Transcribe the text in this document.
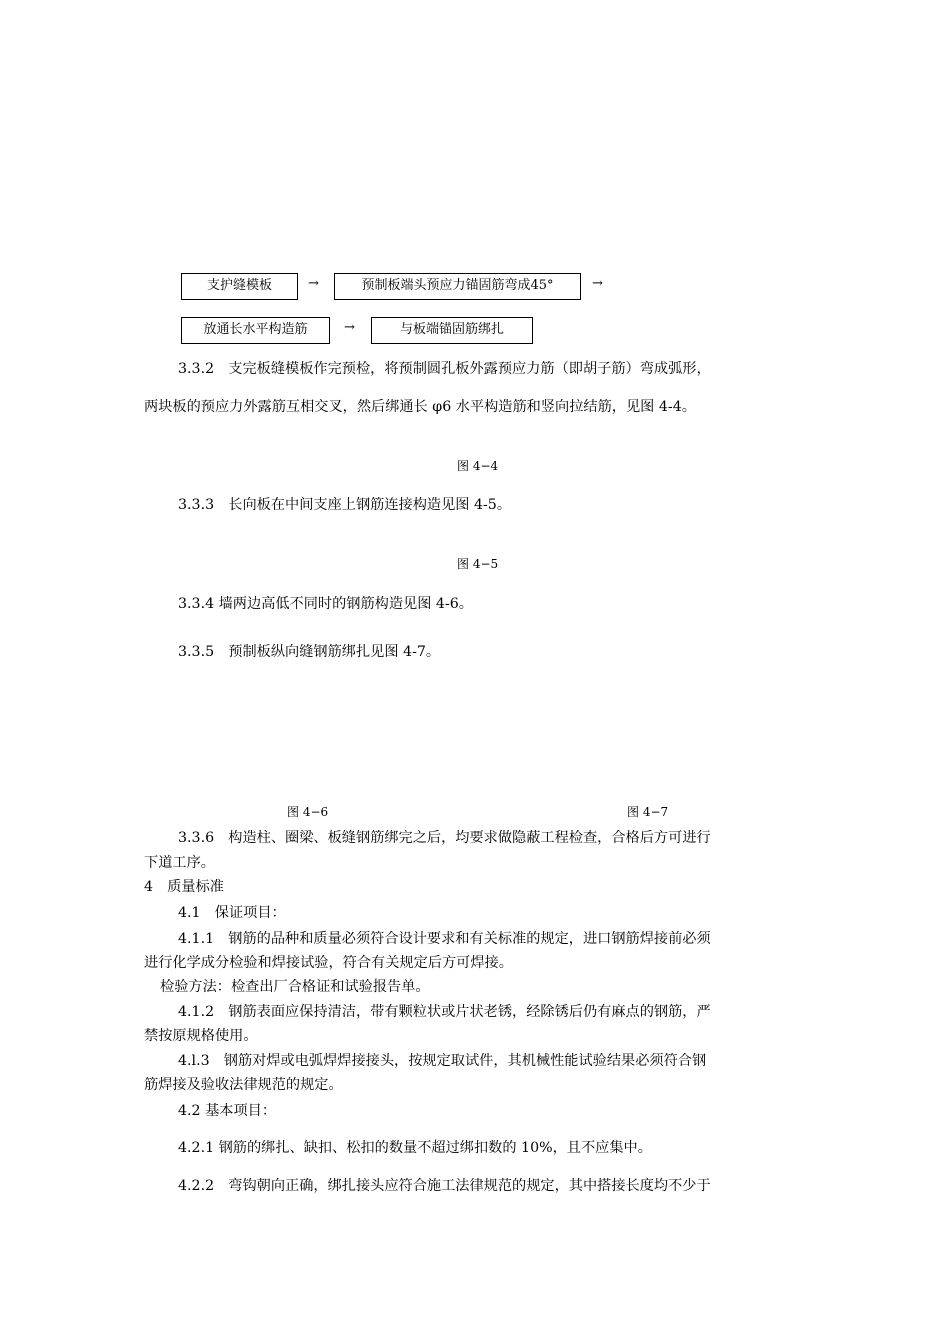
支护缝模板	→	预制板端头预应力锚固筋弯成45°	→
放通长水平构造筋	→	与板端锚固筋绑扎
3.3.2　支完板缝模板作完预检，将预制圆孔板外露预应力筋（即胡子筋）弯成弧形，
两块板的预应力外露筋互相交叉，然后绑通长 φ6 水平构造筋和竖向拉结筋，见图 4-4。
图 4−4
3.3.3　长向板在中间支座上钢筋连接构造见图 4-5。
图 4−5
3.3.4 墙两边高低不同时的钢筋构造见图 4-6。
3.3.5　预制板纵向缝钢筋绑扎见图 4-7。
图 4−6	图 4−7
3.3.6　构造柱、圈梁、板缝钢筋绑完之后，均要求做隐蔽工程检查，合格后方可进行
下道工序。
4　质量标准
4.1　保证项目：
4.1.1　钢筋的品种和质量必须符合设计要求和有关标准的规定，进口钢筋焊接前必须
进行化学成分检验和焊接试验，符合有关规定后方可焊接。
检验方法：检查出厂合格证和试验报告单。
4.1.2　钢筋表面应保持清洁，带有颗粒状或片状老锈，经除锈后仍有麻点的钢筋，严
禁按原规格使用。
4.l.3　钢筋对焊或电弧焊焊接接头，按规定取试件，其机械性能试验结果必须符合钢
筋焊接及验收法律规范的规定。
4.2 基本项目：
4.2.1 钢筋的绑扎、缺扣、松扣的数量不超过绑扣数的 10%，且不应集中。
4.2.2　弯钩朝向正确，绑扎接头应符合施工法律规范的规定，其中搭接长度均不少于
